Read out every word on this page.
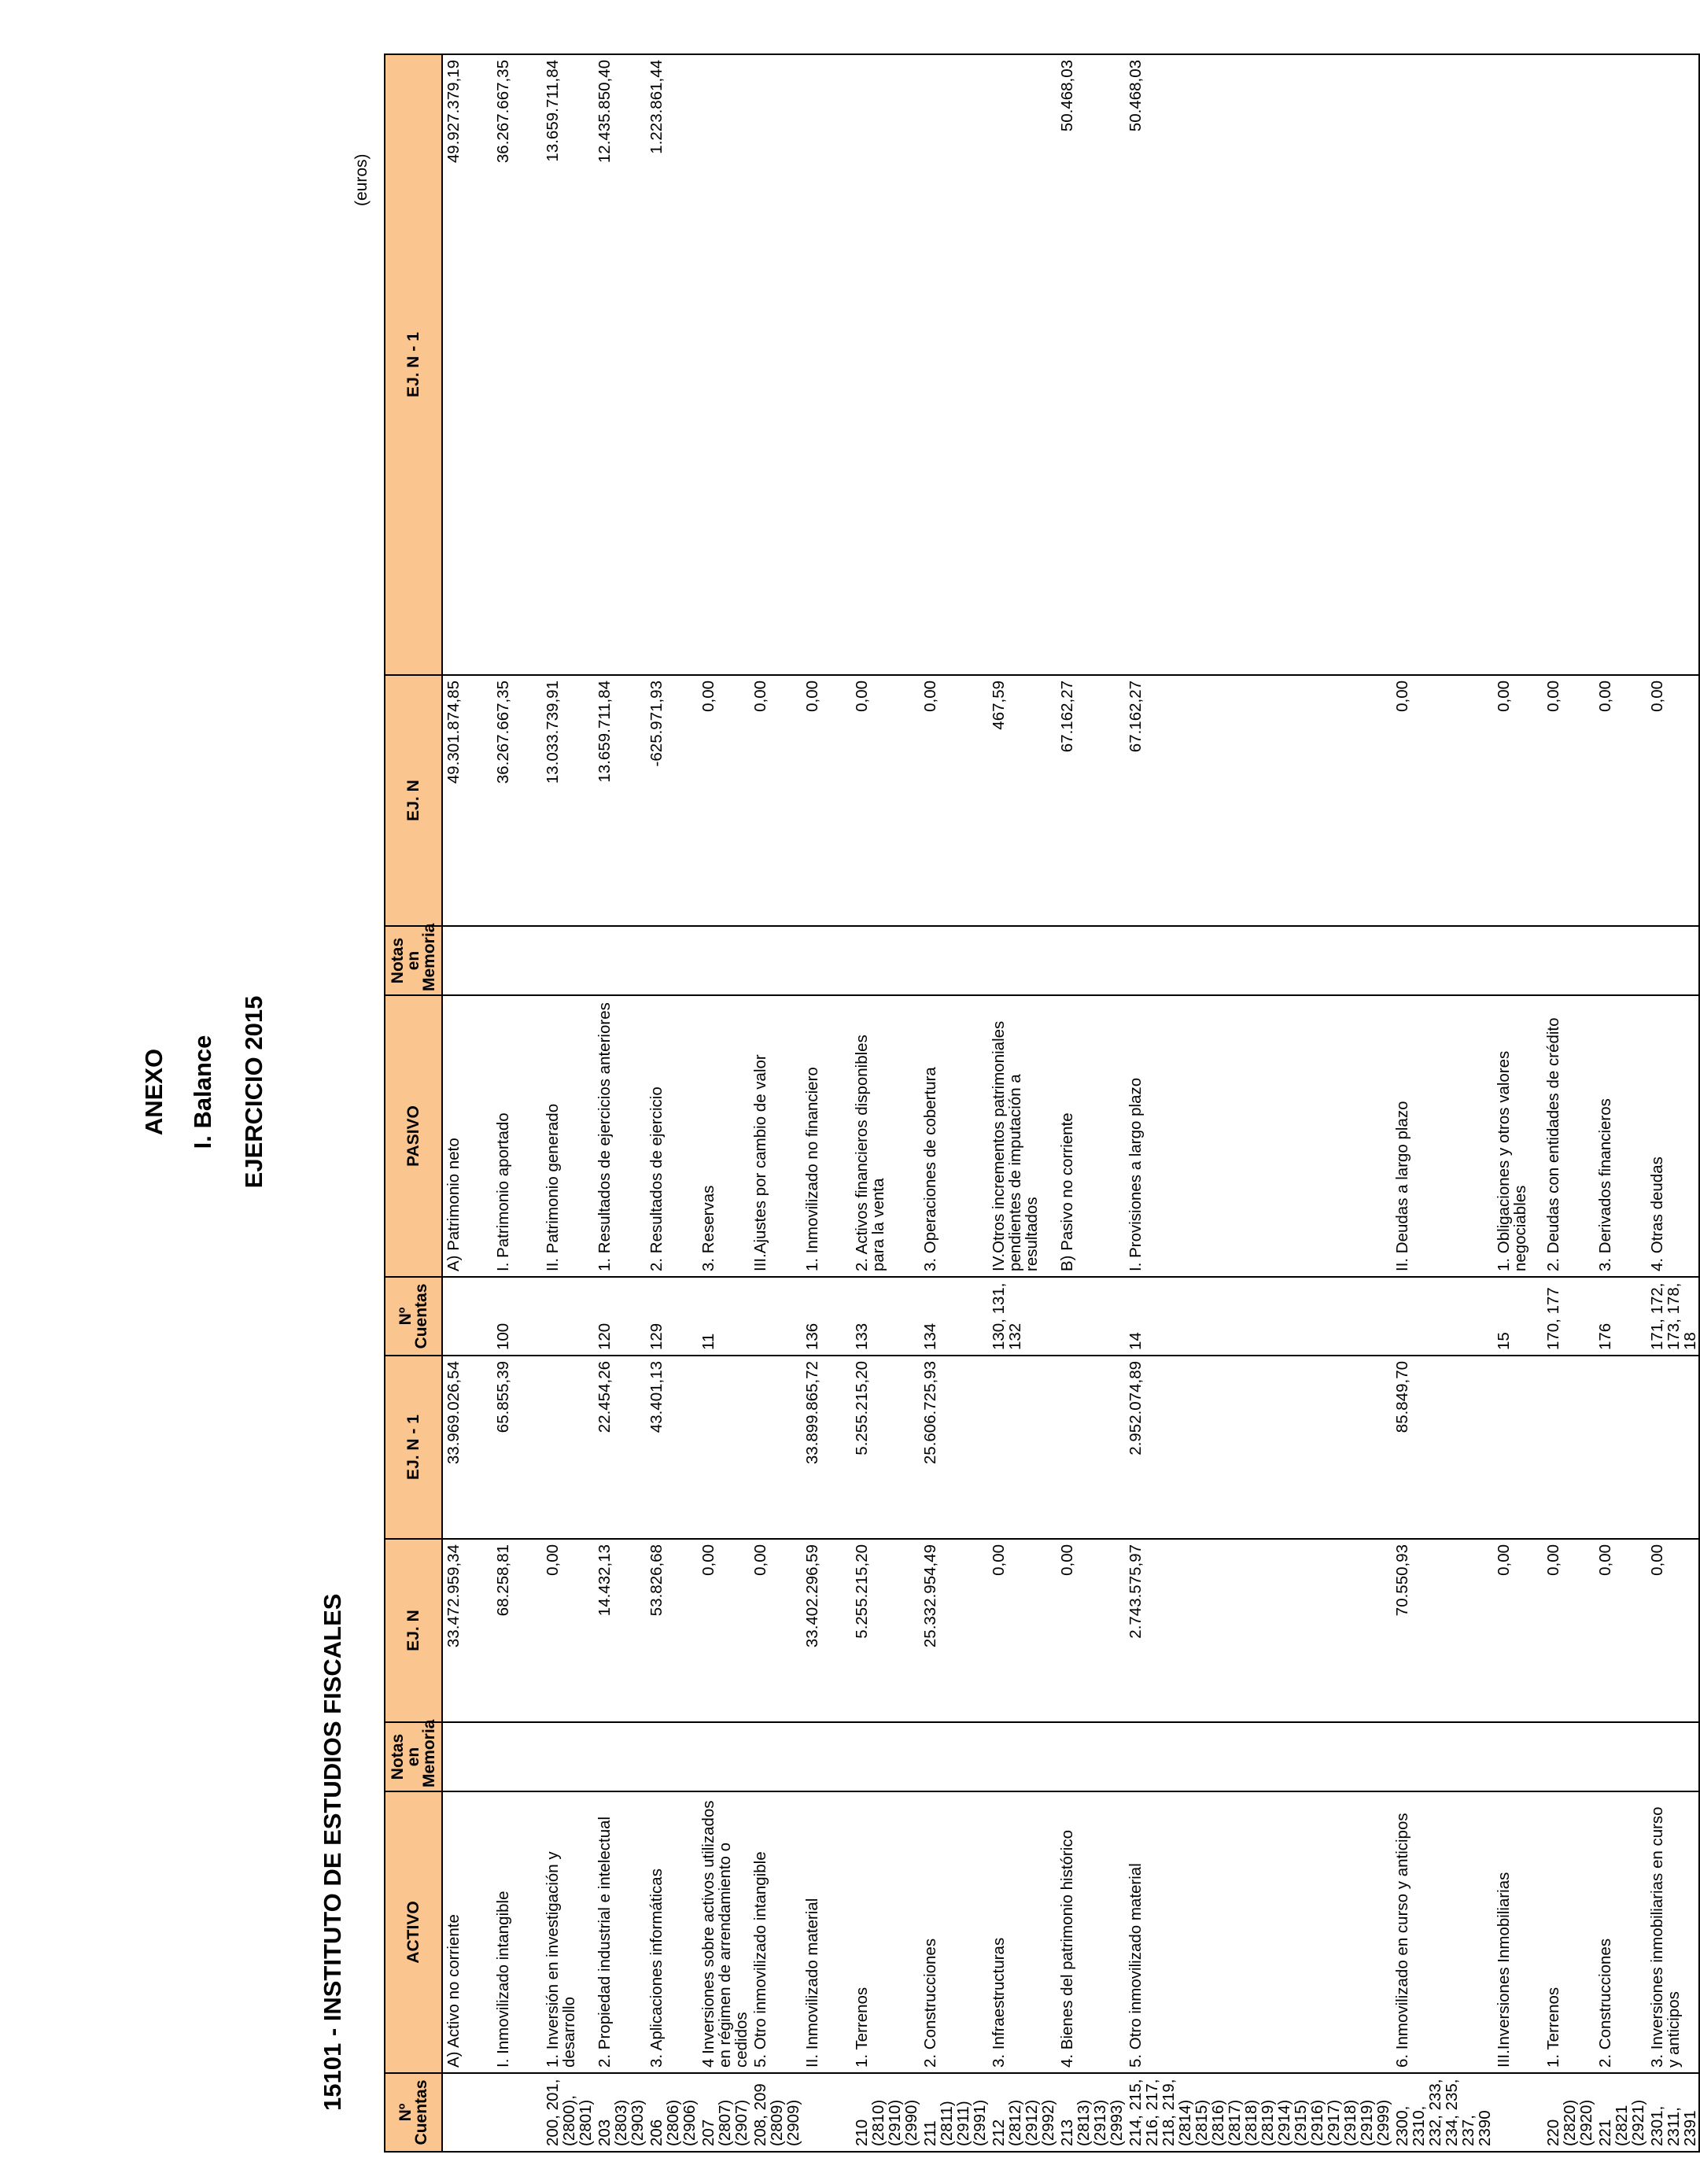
ANEXO I. Balance EJERCICIO 2015
15101 - INSTITUTO DE ESTUDIOS FISCALES
(euros)
Nº Cuentas	ACTIVO	Notas en Memoria	EJ. N	EJ. N - 1	Nº Cuentas	PASIVO	Notas en Memoria	EJ. N	EJ. N - 1
	A) Activo no corriente		33.472.959,34	33.969.026,54		A) Patrimonio neto		49.301.874,85	49.927.379,19
	I. Inmovilizado intangible		68.258,81	65.855,39	100	I. Patrimonio aportado		36.267.667,35	36.267.667,35
200, 201, (2800), (2801)	1. Inversión en investigación y desarrollo		0,00			II. Patrimonio generado		13.033.739,91	13.659.711,84
203 (2803) (2903)	2. Propiedad industrial e intelectual		14.432,13	22.454,26	120	1. Resultados de ejercicios anteriores		13.659.711,84	12.435.850,40
206 (2806) (2906)	3. Aplicaciones informáticas		53.826,68	43.401,13	129	2. Resultados de ejercicio		-625.971,93	1.223.861,44
207 (2807) (2907)	4 Inversiones sobre activos utilizados en régimen de arrendamiento o cedidos		0,00		11	3. Reservas		0,00	
208, 209 (2809) (2909)	5. Otro inmovilizado intangible		0,00			III.Ajustes por cambio de valor		0,00	
	II. Inmovilizado material		33.402.296,59	33.899.865,72	136	1. Inmovilizado no financiero		0,00	
210 (2810) (2910) (2990)	1. Terrenos		5.255.215,20	5.255.215,20	133	2. Activos financieros disponibles para la venta		0,00	
211 (2811) (2911) (2991)	2. Construcciones		25.332.954,49	25.606.725,93	134	3. Operaciones de cobertura		0,00	
212 (2812) (2912) (2992)	3. Infraestructuras		0,00		130, 131, 132	IV.Otros incrementos patrimoniales pendientes de imputación a resultados		467,59	
213 (2813) (2913) (2993)	4. Bienes del patrimonio histórico		0,00			B) Pasivo no corriente		67.162,27	50.468,03
214, 215, 216, 217, 218, 219, (2814) (2815) (2816) (2817) (2818) (2819) (2914) (2915) (2916) (2917) (2918) (2919) (2999)	5. Otro inmovilizado material		2.743.575,97	2.952.074,89	14	I. Provisiones a largo plazo		67.162,27	50.468,03
2300, 2310, 232, 233, 234, 235, 237, 2390	6. Inmovilizado en curso y anticipos		70.550,93	85.849,70		II. Deudas a largo plazo		0,00	
	III.Inversiones Inmobiliarias		0,00		15	1. Obligaciones y otros valores negociables		0,00	
220 (2820) (2920)	1. Terrenos		0,00		170, 177	2. Deudas con entidades de crédito		0,00	
221 (2821 (2921)	2. Construcciones		0,00		176	3. Derivados financieros		0,00	
2301, 2311, 2391	3. Inversiones inmobiliarias en curso y anticipos		0,00		171, 172, 173, 178, 18	4. Otras deudas		0,00	
